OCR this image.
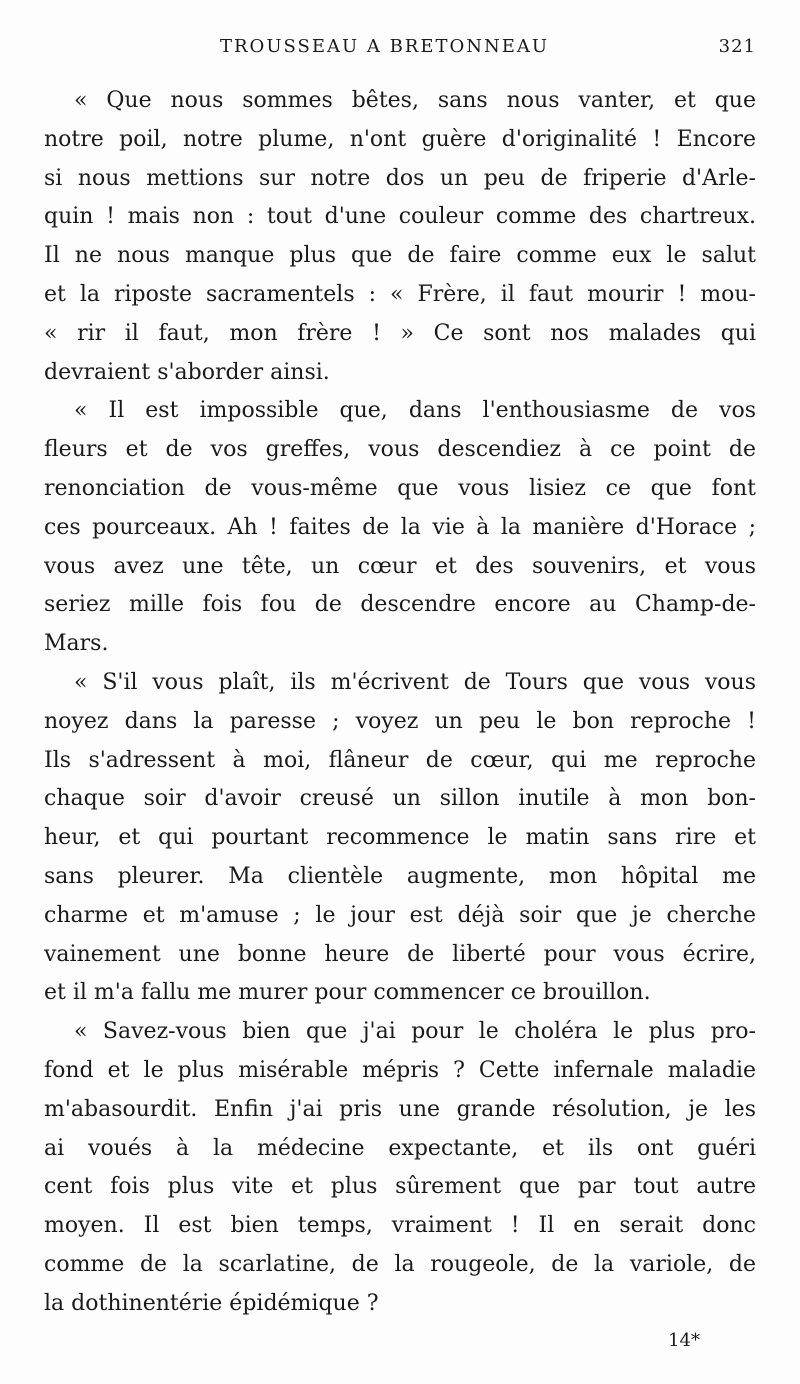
TROUSSEAU A BRETONNEAU	321
« Que nous sommes bêtes, sans nous vanter, et que
notre poil, notre plume, n'ont guère d'originalité ! Encore
si nous mettions sur notre dos un peu de friperie d'Arle-
quin ! mais non : tout d'une couleur comme des chartreux.
Il ne nous manque plus que de faire comme eux le salut
et la riposte sacramentels : « Frère, il faut mourir ! mou-
« rir il faut, mon frère ! » Ce sont nos malades qui
devraient s'aborder ainsi.
« Il est impossible que, dans l'enthousiasme de vos
fleurs et de vos greffes, vous descendiez à ce point de
renonciation de vous-même que vous lisiez ce que font
ces pourceaux. Ah ! faites de la vie à la manière d'Horace ;
vous avez une tête, un cœur et des souvenirs, et vous
seriez mille fois fou de descendre encore au Champ-de-
Mars.
« S'il vous plaît, ils m'écrivent de Tours que vous vous
noyez dans la paresse ; voyez un peu le bon reproche !
Ils s'adressent à moi, flâneur de cœur, qui me reproche
chaque soir d'avoir creusé un sillon inutile à mon bon-
heur, et qui pourtant recommence le matin sans rire et
sans pleurer. Ma clientèle augmente, mon hôpital me
charme et m'amuse ; le jour est déjà soir que je cherche
vainement une bonne heure de liberté pour vous écrire,
et il m'a fallu me murer pour commencer ce brouillon.
« Savez-vous bien que j'ai pour le choléra le plus pro-
fond et le plus misérable mépris ? Cette infernale maladie
m'abasourdit. Enfin j'ai pris une grande résolution, je les
ai voués à la médecine expectante, et ils ont guéri
cent fois plus vite et plus sûrement que par tout autre
moyen. Il est bien temps, vraiment ! Il en serait donc
comme de la scarlatine, de la rougeole, de la variole, de
la dothinentérie épidémique ?
14*
